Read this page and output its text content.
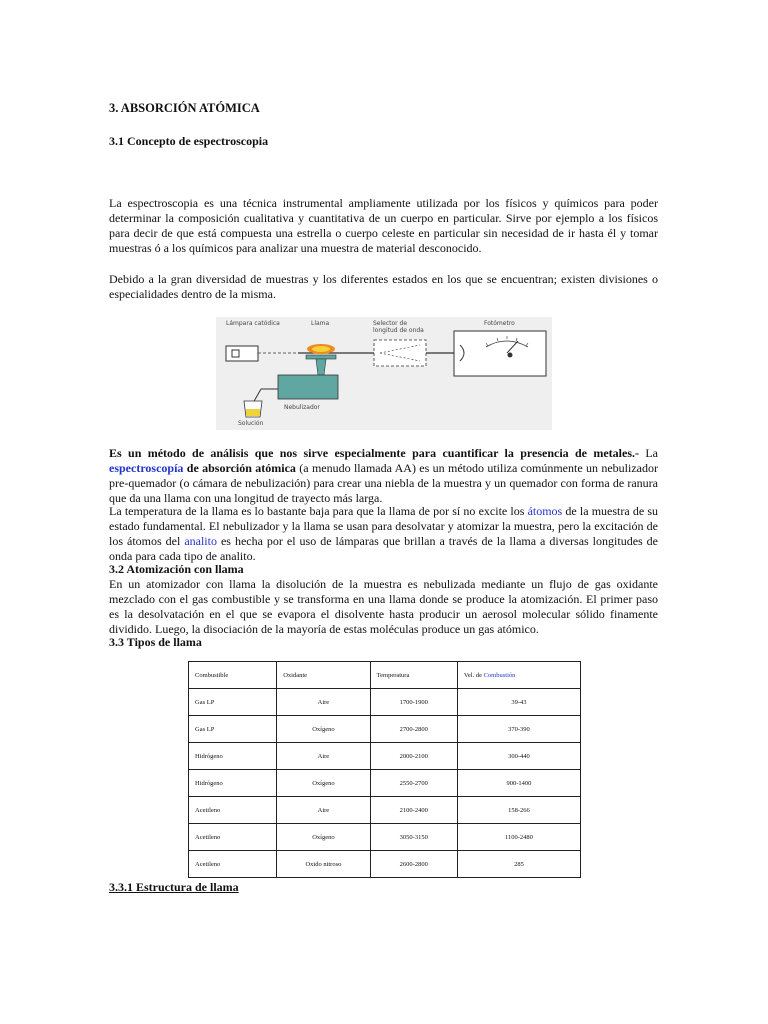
3. ABSORCIÓN ATÓMICA
3.1 Concepto de espectroscopia
La espectroscopia es una técnica instrumental ampliamente utilizada por los físicos y químicos para poder determinar la composición cualitativa y cuantitativa de un cuerpo en particular. Sirve por ejemplo a los físicos para decir de que está compuesta una estrella o cuerpo celeste en particular sin necesidad de ir hasta él y tomar muestras ó a los químicos para analizar una muestra de material desconocido.
Debido a la gran diversidad de muestras y los diferentes estados en los que se encuentran; existen divisiones o especialidades dentro de la misma.
Lámpara catódica	Llama	Selector de longitud de onda
Fotómetro
Nebulizador
Solución
Es un método de análisis que nos sirve especialmente para cuantificar la presencia de metales.- La espectroscopía de absorción atómica (a menudo llamada AA) es un método utiliza comúnmente un nebulizador pre-quemador (o cámara de nebulización) para crear una niebla de la muestra y un quemador con forma de ranura que da una llama con una longitud de trayecto más larga.
La temperatura de la llama es lo bastante baja para que la llama de por sí no excite los átomos de la muestra de su estado fundamental. El nebulizador y la llama se usan para desolvatar y atomizar la muestra, pero la excitación de los átomos del analito es hecha por el uso de lámparas que brillan a través de la llama a diversas longitudes de onda para cada tipo de analito.
3.2 Atomización con llama
En un atomizador con llama la disolución de la muestra es nebulizada mediante un flujo de gas oxidante mezclado con el gas combustible y se transforma en una llama donde se produce la atomización. El primer paso es la desolvatación en el que se evapora el disolvente hasta producir un aerosol molecular sólido finamente dividido. Luego, la disociación de la mayoría de estas moléculas produce un gas atómico.
3.3 Tipos de llama
Combustible	Oxidante	Temperatura	Vel. de Combustión
Gas LP	Aire	1700-1900	39-43
Gas LP	Oxígeno	2700-2800	370-390
Hidrógeno	Aire	2000-2100	300-440
Hidrógeno	Oxígeno	2550-2700	900-1400
Acetileno	Aire	2100-2400	158-266
Acetileno	Oxígeno	3050-3150	1100-2480
Acetileno	Oxido nitroso	2600-2800	285
3.3.1 Estructura de llama
